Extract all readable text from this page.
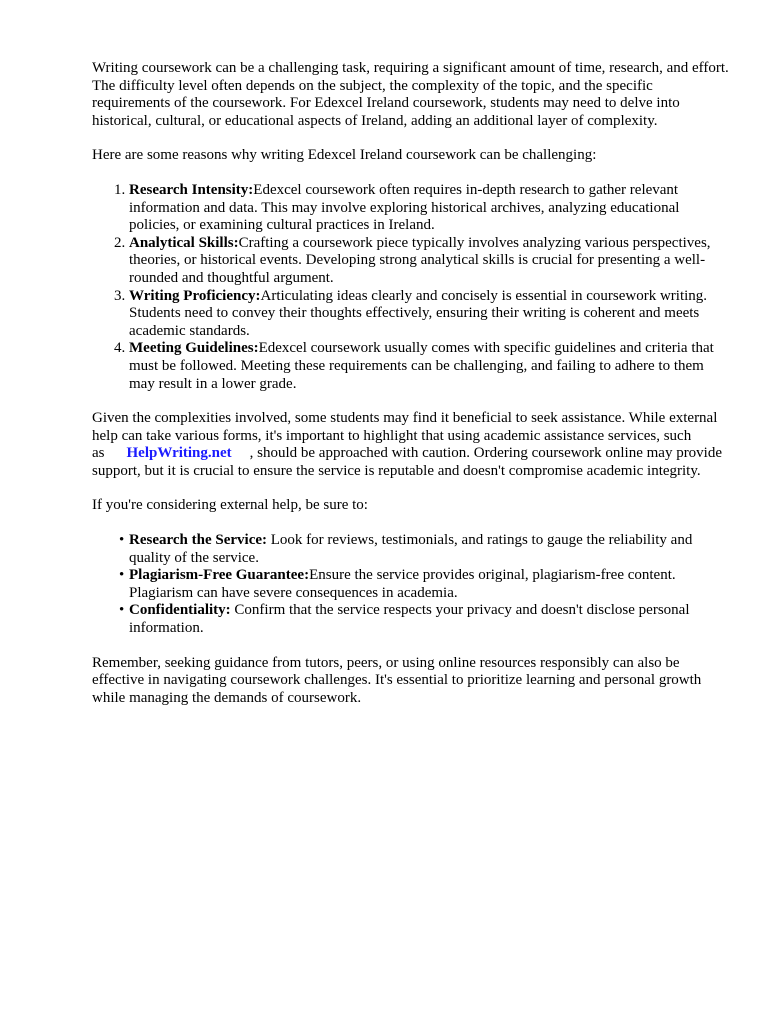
Writing coursework can be a challenging task, requiring a significant amount of time, research, and effort. The difficulty level often depends on the subject, the complexity of the topic, and the specific requirements of the coursework. For Edexcel Ireland coursework, students may need to delve into historical, cultural, or educational aspects of Ireland, adding an additional layer of complexity.

Here are some reasons why writing Edexcel Ireland coursework can be challenging:

1. Research Intensity:Edexcel coursework often requires in-depth research to gather relevant information and data. This may involve exploring historical archives, analyzing educational policies, or examining cultural practices in Ireland.
2. Analytical Skills:Crafting a coursework piece typically involves analyzing various perspectives, theories, or historical events. Developing strong analytical skills is crucial for presenting a well-rounded and thoughtful argument.
3. Writing Proficiency:Articulating ideas clearly and concisely is essential in coursework writing. Students need to convey their thoughts effectively, ensuring their writing is coherent and meets academic standards.
4. Meeting Guidelines:Edexcel coursework usually comes with specific guidelines and criteria that must be followed. Meeting these requirements can be challenging, and failing to adhere to them may result in a lower grade.

Given the complexities involved, some students may find it beneficial to seek assistance. While external help can take various forms, it's important to highlight that using academic assistance services, such as HelpWriting.net , should be approached with caution. Ordering coursework online may provide support, but it is crucial to ensure the service is reputable and doesn't compromise academic integrity.

If you're considering external help, be sure to:

• Research the Service: Look for reviews, testimonials, and ratings to gauge the reliability and quality of the service.
• Plagiarism-Free Guarantee:Ensure the service provides original, plagiarism-free content. Plagiarism can have severe consequences in academia.
• Confidentiality: Confirm that the service respects your privacy and doesn't disclose personal information.

Remember, seeking guidance from tutors, peers, or using online resources responsibly can also be effective in navigating coursework challenges. It's essential to prioritize learning and personal growth while managing the demands of coursework.
